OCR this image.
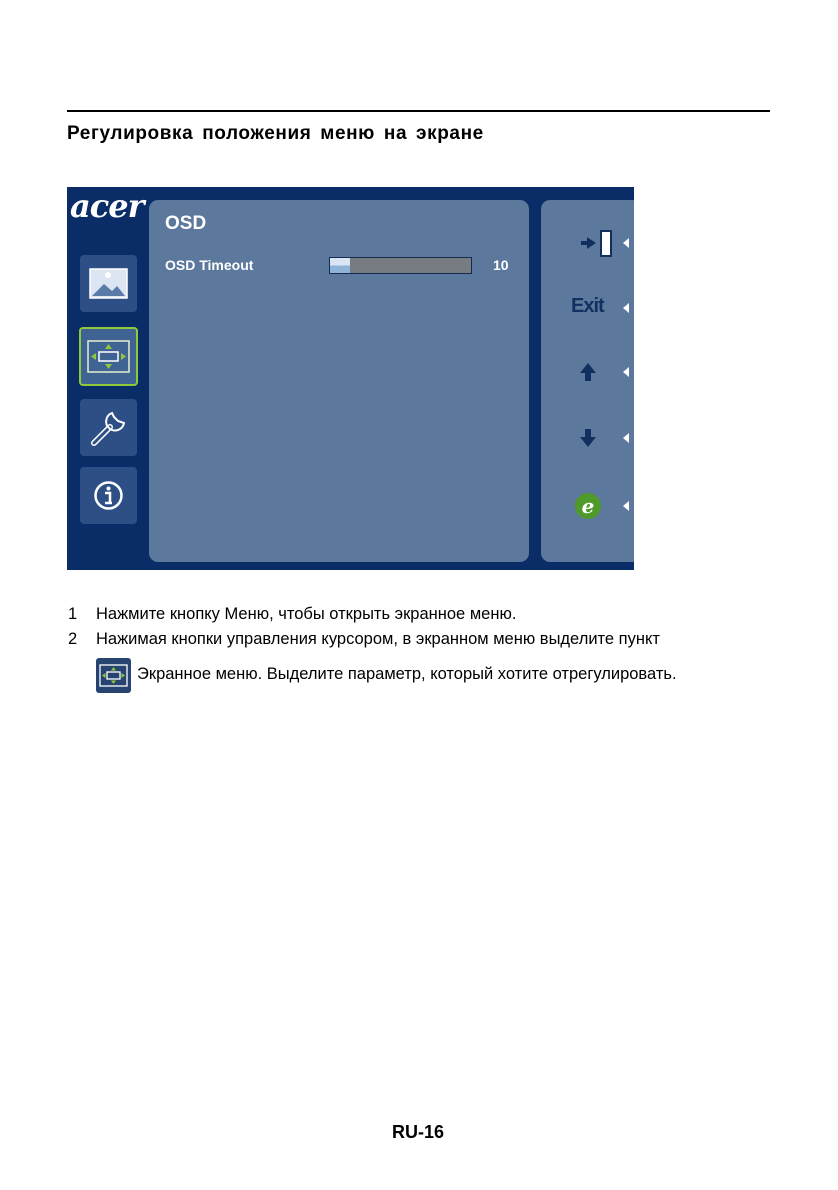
Регулировка положения меню на экране
acer OSD
OSD Timeout	10
Exit
e
1 Нажмите кнопку Меню, чтобы открыть экранное меню.
2 Нажимая кнопки управления курсором, в экранном меню выделите пункт
Экранное меню. Выделите параметр, который хотите отрегулировать.
RU-16
